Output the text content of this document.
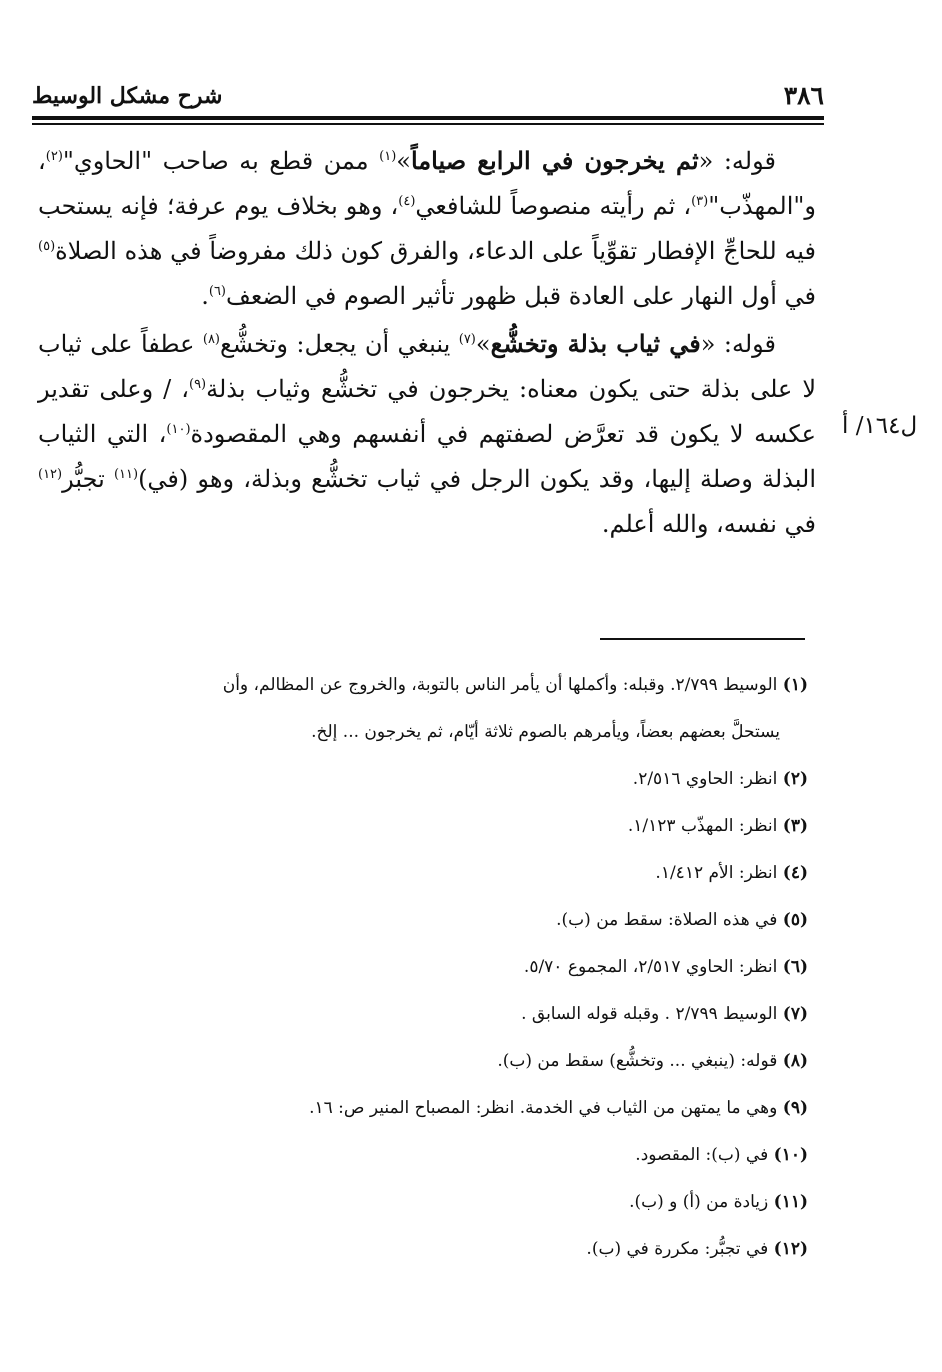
٣٨٦
شرح مشكل الوسيط
ل١٦٤/ أ

قوله: «ثم يخرجون في الرابع صياماً»$^{(١)}$ ممن قطع به صاحب "الحاوي"$^{(٢)}$، و"المهذّب"$^{(٣)}$، ثم رأيته منصوصاً للشافعي$^{(٤)}$، وهو بخلاف يوم عرفة؛ فإنه يستحب فيه للحاجِّ الإفطار تقوِّياً على الدعاء، والفرق كون ذلك مفروضاً في هذه الصلاة$^{(٥)}$ في أول النهار على العادة قبل ظهور تأثير الصوم في الضعف$^{(٦)}$.

قوله: «في ثياب بذلة وتخشُّع»$^{(٧)}$ ينبغي أن يجعل: وتخشُّع$^{(٨)}$ عطفاً على ثياب لا على بذلة حتى يكون معناه: يخرجون في تخشُّع وثياب بذلة$^{(٩)}$، / وعلى تقدير عكسه لا يكون قد تعرَّض لصفتهم في أنفسهم وهي المقصودة$^{(١٠)}$، التي الثياب البذلة وصلة إليها، وقد يكون الرجل في ثياب تخشُّع وبذلة، وهو (في)$^{(١١)}$ تجبُّر$^{(١٢)}$ في نفسه، والله أعلم.

(١) الوسيط ٢/٧٩٩. وقبله: وأكملها أن يأمر الناس بالتوبة، والخروج عن المظالم، وأن

يستحلَّ بعضهم بعضاً، ويأمرهم بالصوم ثلاثة أيّام، ثم يخرجون ... إلخ.

(٢) انظر: الحاوي ٢/٥١٦.

(٣) انظر: المهذّب ١/١٢٣.

(٤) انظر: الأم ١/٤١٢.

(٥) في هذه الصلاة: سقط من (ب).

(٦) انظر: الحاوي ٢/٥١٧، المجموع ٥/٧٠.

(٧) الوسيط ٢/٧٩٩ . وقبله قوله السابق .

(٨) قوله: (ينبغي ... وتخشُّع) سقط من (ب).

(٩) وهي ما يمتهن من الثياب في الخدمة. انظر: المصباح المنير ص: ١٦.

(١٠) في (ب): المقصود.

(١١) زيادة من (أ) و (ب).

(١٢) في تجبُّر: مكررة في (ب).
